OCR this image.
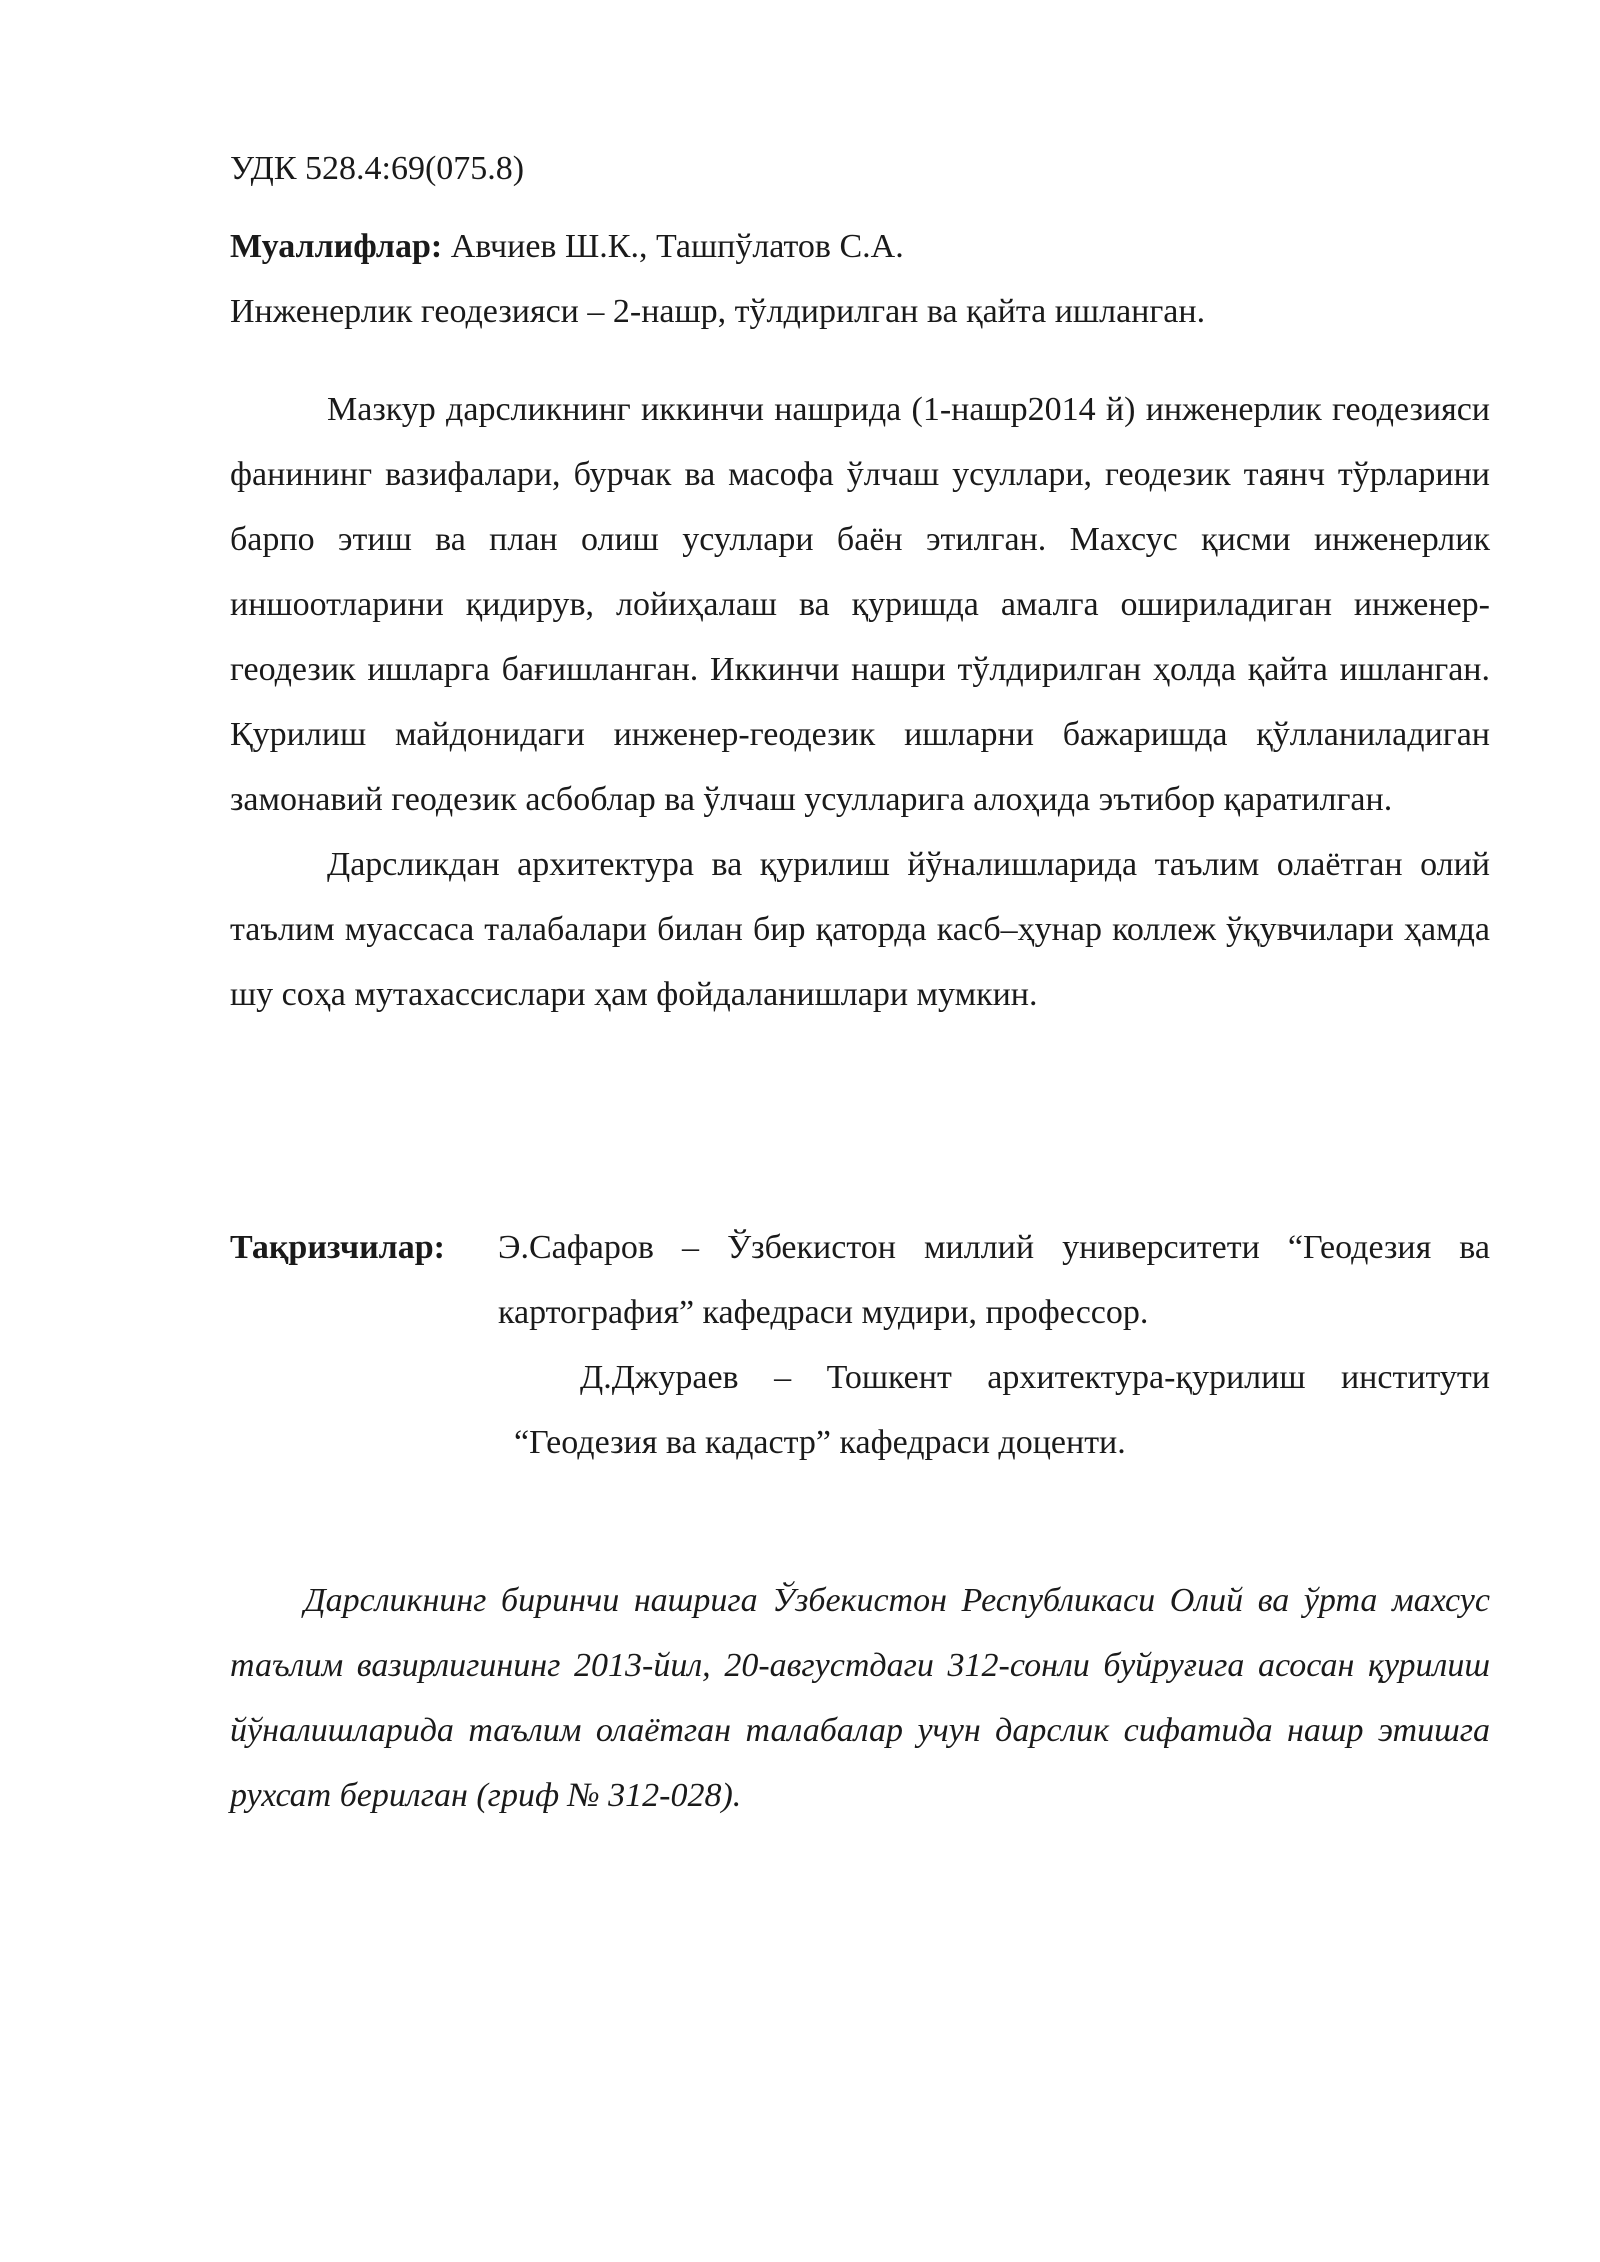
УДК 528.4:69(075.8)
Муаллифлар: Авчиев Ш.К., Ташпўлатов С.А.
Инженерлик геодезияси – 2-нашр, тўлдирилган ва қайта ишланган.

Мазкур дарсликнинг иккинчи нашрида (1-нашр2014 й) инженерлик геодезияси фанининг вазифалари, бурчак ва масофа ўлчаш усуллари, геодезик таянч тўрларини барпо этиш ва план олиш усуллари баён этилган. Махсус қисми инженерлик иншоотларини қидирув, лойиҳалаш ва қуришда амалга ошириладиган инженер-геодезик ишларга бағишланган. Иккинчи нашри тўлдирилган ҳолда қайта ишланган. Қурилиш майдонидаги инженер-геодезик ишларни бажаришда қўлланиладиган замонавий геодезик асбоблар ва ўлчаш усулларига алоҳида эътибор қаратилган.

Дарсликдан архитектура ва қурилиш йўналишларида таълим олаётган олий таълим муассаса талабалари билан бир қаторда касб–ҳунар коллеж ўқувчилари ҳамда шу соҳа мутахассислари ҳам фойдаланишлари мумкин.

Тақризчилар:	Э.Сафаров – Ўзбекистон миллий университети “Геодезия ва
картография” кафедраси мудири, профессор.
Д.Джураев – Тошкент архитектура-қурилиш институти
“Геодезия ва кадастр” кафедраси доценти.

Дарсликнинг биринчи нашрига Ўзбекистон Республикаси Олий ва ўрта махсус таълим вазирлигининг 2013-йил, 20-августдаги 312-сонли буйруғига асосан қурилиш йўналишларида таълим олаётган талабалар учун дарслик сифатида нашр этишга рухсат берилган (гриф № 312-028).
